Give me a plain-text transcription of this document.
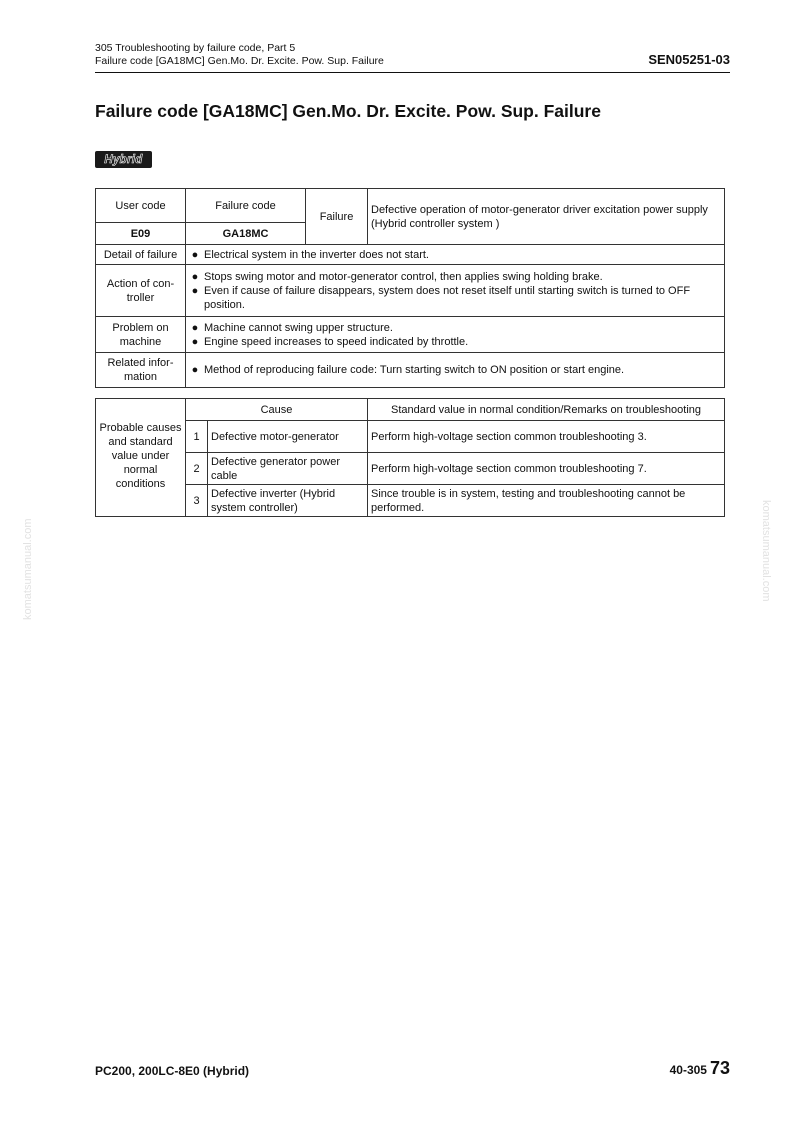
305 Troubleshooting by failure code, Part 5
Failure code [GA18MC] Gen.Mo. Dr. Excite. Pow. Sup. Failure	SEN05251-03
Failure code [GA18MC] Gen.Mo. Dr. Excite. Pow. Sup. Failure
Hybrid
User code	Failure code	Failure	Defective operation of motor-generator driver excitation power supply
(Hybrid controller system )

E09	GA18MC		
Detail of failure	● Electrical system in the inverter does not start.		

Action of con-troller	● Stops swing motor and motor-generator control, then applies swing holding brake.
● Even if cause of failure disappears, system does not reset itself until starting switch is turned to OFF position.		

Problem on machine	● Machine cannot swing upper structure.
● Engine speed increases to speed indicated by throttle.		

Related infor-mation	● Method of reproducing failure code: Turn starting switch to ON position or start engine.		
Probable causes and standard value under normal conditions	Cause		Standard value in normal condition/Remarks on troubleshooting
	1	Defective motor-generator	Perform high-voltage section common troubleshooting 3.
	2	Defective generator power cable	Perform high-voltage section common troubleshooting 7.
	3	Defective inverter (Hybrid system controller)	Since trouble is in system, testing and troubleshooting cannot be performed.
komatsumanual.com	komatsumanual.com
PC200, 200LC-8E0 (Hybrid)	40-305 73
